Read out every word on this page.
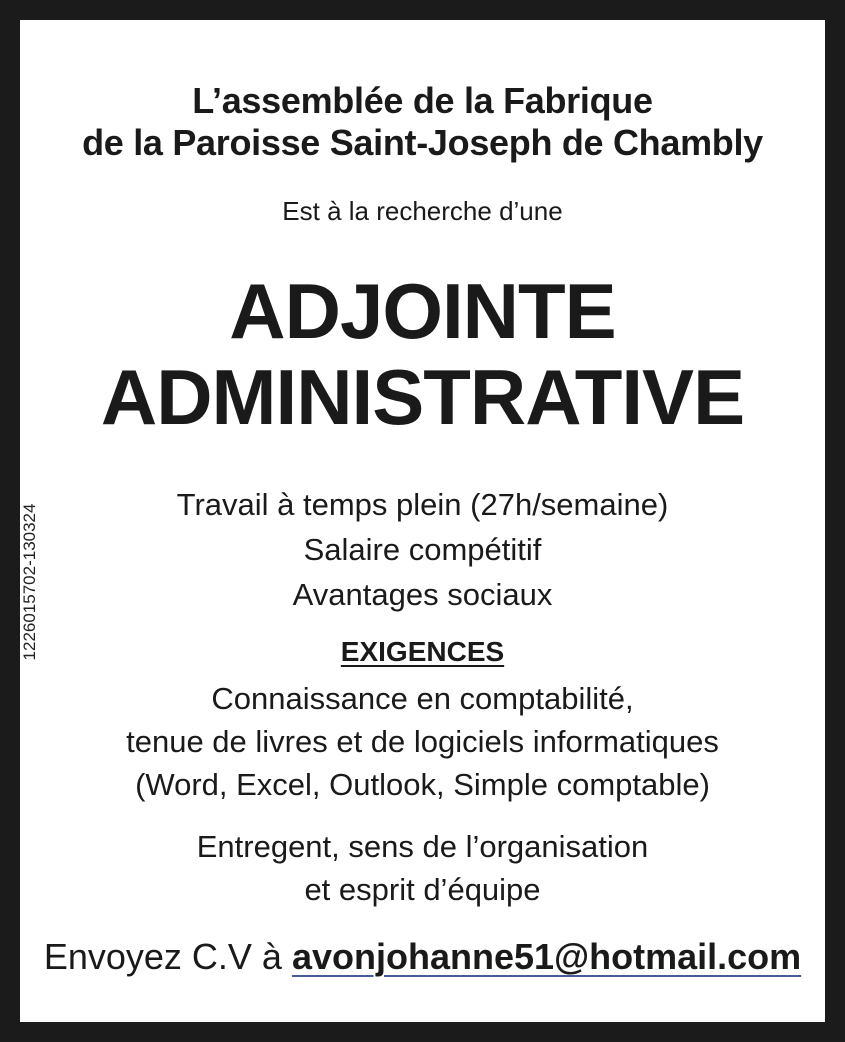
1226015702-130324
L’assemblée de la Fabrique
de la Paroisse Saint-Joseph de Chambly
Est à la recherche d’une
ADJOINTE
ADMINISTRATIVE
Travail à temps plein (27h/semaine)
Salaire compétitif
Avantages sociaux
EXIGENCES
Connaissance en comptabilité,
tenue de livres et de logiciels informatiques
(Word, Excel, Outlook, Simple comptable)
Entregent, sens de l’organisation
et esprit d’équipe
Envoyez C.V à avonjohanne51@hotmail.com
